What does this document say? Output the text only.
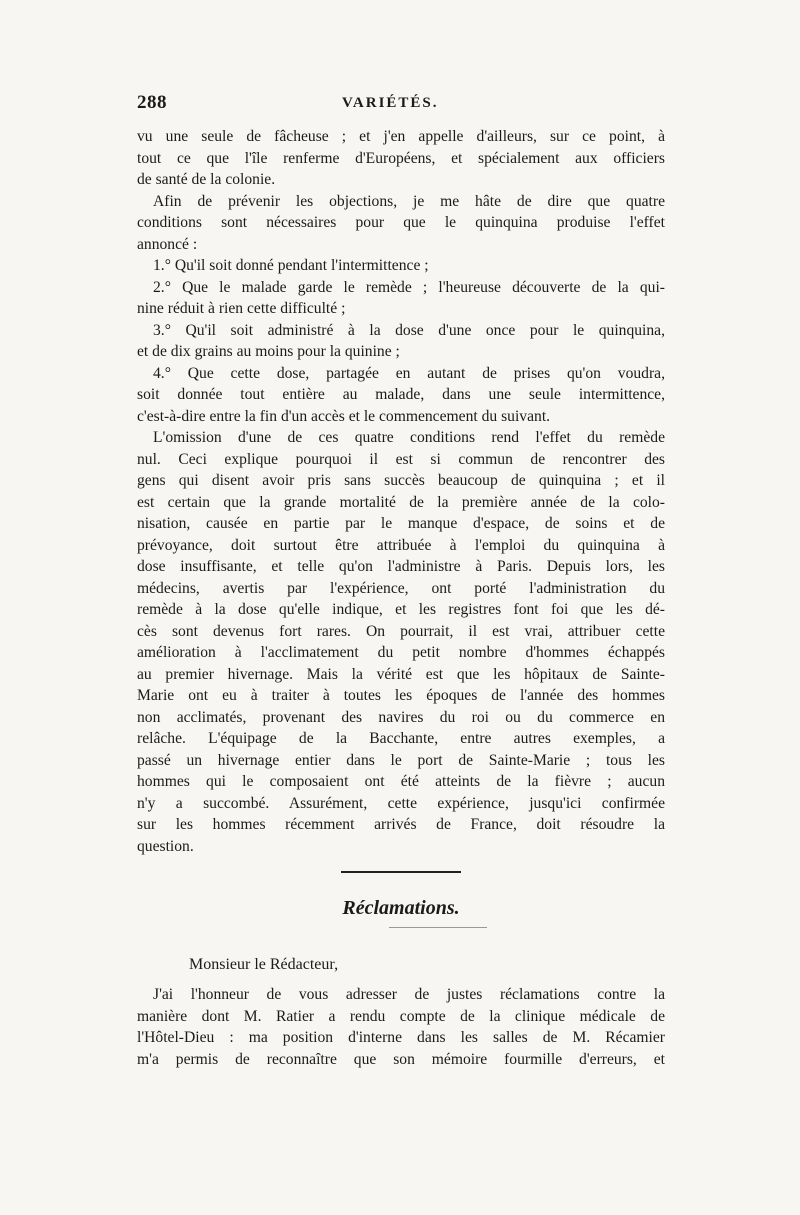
288	VARIÉTÉS.
vu une seule de fâcheuse ; et j'en appelle d'ailleurs, sur ce point, à
tout ce que l'île renferme d'Européens, et spécialement aux officiers
de santé de la colonie.
Afin de prévenir les objections, je me hâte de dire que quatre
conditions sont nécessaires pour que le quinquina produise l'effet
annoncé :
1.° Qu'il soit donné pendant l'intermittence ;
2.° Que le malade garde le remède ; l'heureuse découverte de la qui-
nine réduit à rien cette difficulté ;
3.° Qu'il soit administré à la dose d'une once pour le quinquina,
et de dix grains au moins pour la quinine ;
4.° Que cette dose, partagée en autant de prises qu'on voudra,
soit donnée tout entière au malade, dans une seule intermittence,
c'est-à-dire entre la fin d'un accès et le commencement du suivant.
L'omission d'une de ces quatre conditions rend l'effet du remède
nul. Ceci explique pourquoi il est si commun de rencontrer des
gens qui disent avoir pris sans succès beaucoup de quinquina ; et il
est certain que la grande mortalité de la première année de la colo-
nisation, causée en partie par le manque d'espace, de soins et de
prévoyance, doit surtout être attribuée à l'emploi du quinquina à
dose insuffisante, et telle qu'on l'administre à Paris. Depuis lors, les
médecins, avertis par l'expérience, ont porté l'administration du
remède à la dose qu'elle indique, et les registres font foi que les dé-
cès sont devenus fort rares. On pourrait, il est vrai, attribuer cette
amélioration à l'acclimatement du petit nombre d'hommes échappés
au premier hivernage. Mais la vérité est que les hôpitaux de Sainte-
Marie ont eu à traiter à toutes les époques de l'année des hommes
non acclimatés, provenant des navires du roi ou du commerce en
relâche. L'équipage de la Bacchante, entre autres exemples, a
passé un hivernage entier dans le port de Sainte-Marie ; tous les
hommes qui le composaient ont été atteints de la fièvre ; aucun
n'y a succombé. Assurément, cette expérience, jusqu'ici confirmée
sur les hommes récemment arrivés de France, doit résoudre la
question.
Réclamations.
Monsieur le Rédacteur,
J'ai l'honneur de vous adresser de justes réclamations contre la
manière dont M. Ratier a rendu compte de la clinique médicale de
l'Hôtel-Dieu : ma position d'interne dans les salles de M. Récamier
m'a permis de reconnaître que son mémoire fourmille d'erreurs, et
